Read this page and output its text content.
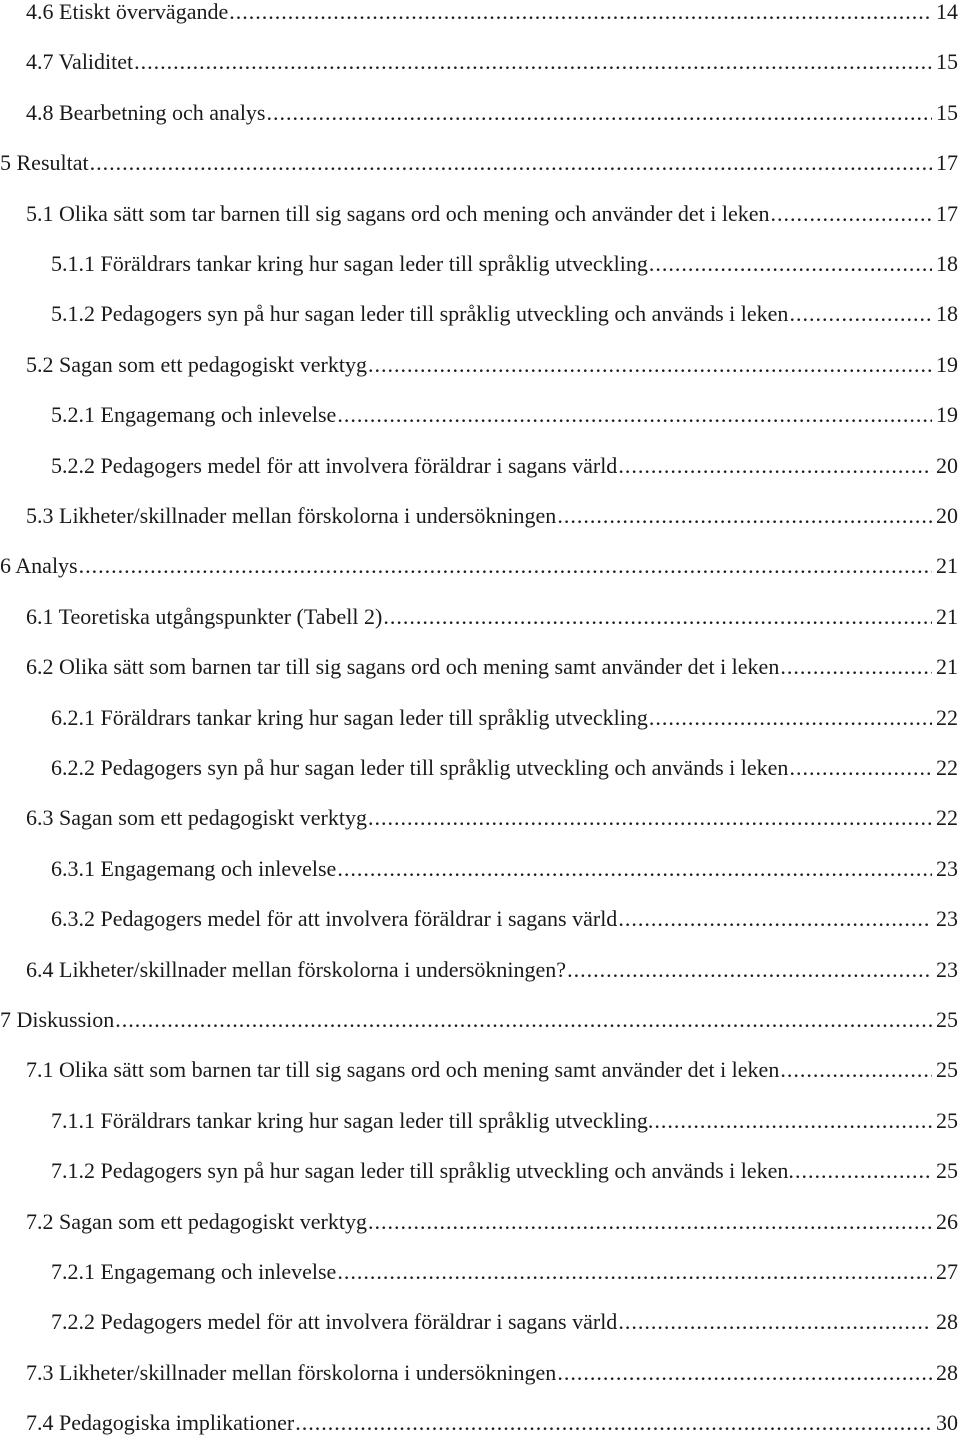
4.6 Etiskt övervägande .....	14
4.7 Validitet .....	15
4.8 Bearbetning och analys .....	15
5 Resultat .....	17
5.1 Olika sätt som tar barnen till sig sagans ord och mening och använder det i leken .....	17
5.1.1 Föräldrars tankar kring hur sagan leder till språklig utveckling .....	18
5.1.2 Pedagogers syn på hur sagan leder till språklig utveckling och används i leken .....	18
5.2 Sagan som ett pedagogiskt verktyg .....	19
5.2.1 Engagemang och inlevelse .....	19
5.2.2 Pedagogers medel för att involvera föräldrar i sagans värld .....	20
5.3 Likheter/skillnader mellan förskolorna i undersökningen .....	20
6 Analys .....	21
6.1 Teoretiska utgångspunkter (Tabell 2) .....	21
6.2 Olika sätt som barnen tar till sig sagans ord och mening samt använder det i leken .....	21
6.2.1 Föräldrars tankar kring hur sagan leder till språklig utveckling .....	22
6.2.2 Pedagogers syn på hur sagan leder till språklig utveckling och används i leken .....	22
6.3 Sagan som ett pedagogiskt verktyg .....	22
6.3.1 Engagemang och inlevelse .....	23
6.3.2 Pedagogers medel för att involvera föräldrar i sagans värld .....	23
6.4 Likheter/skillnader mellan förskolorna i undersökningen? .....	23
7 Diskussion .....	25
7.1 Olika sätt som barnen tar till sig sagans ord och mening samt använder det i leken .....	25
7.1.1 Föräldrars tankar kring hur sagan leder till språklig utveckling. .....	25
7.1.2 Pedagogers syn på hur sagan leder till språklig utveckling och används i leken. .....	25
7.2 Sagan som ett pedagogiskt verktyg .....	26
7.2.1 Engagemang och inlevelse .....	27
7.2.2 Pedagogers medel för att involvera föräldrar i sagans värld .....	28
7.3 Likheter/skillnader mellan förskolorna i undersökningen .....	28
7.4 Pedagogiska implikationer .....	30
